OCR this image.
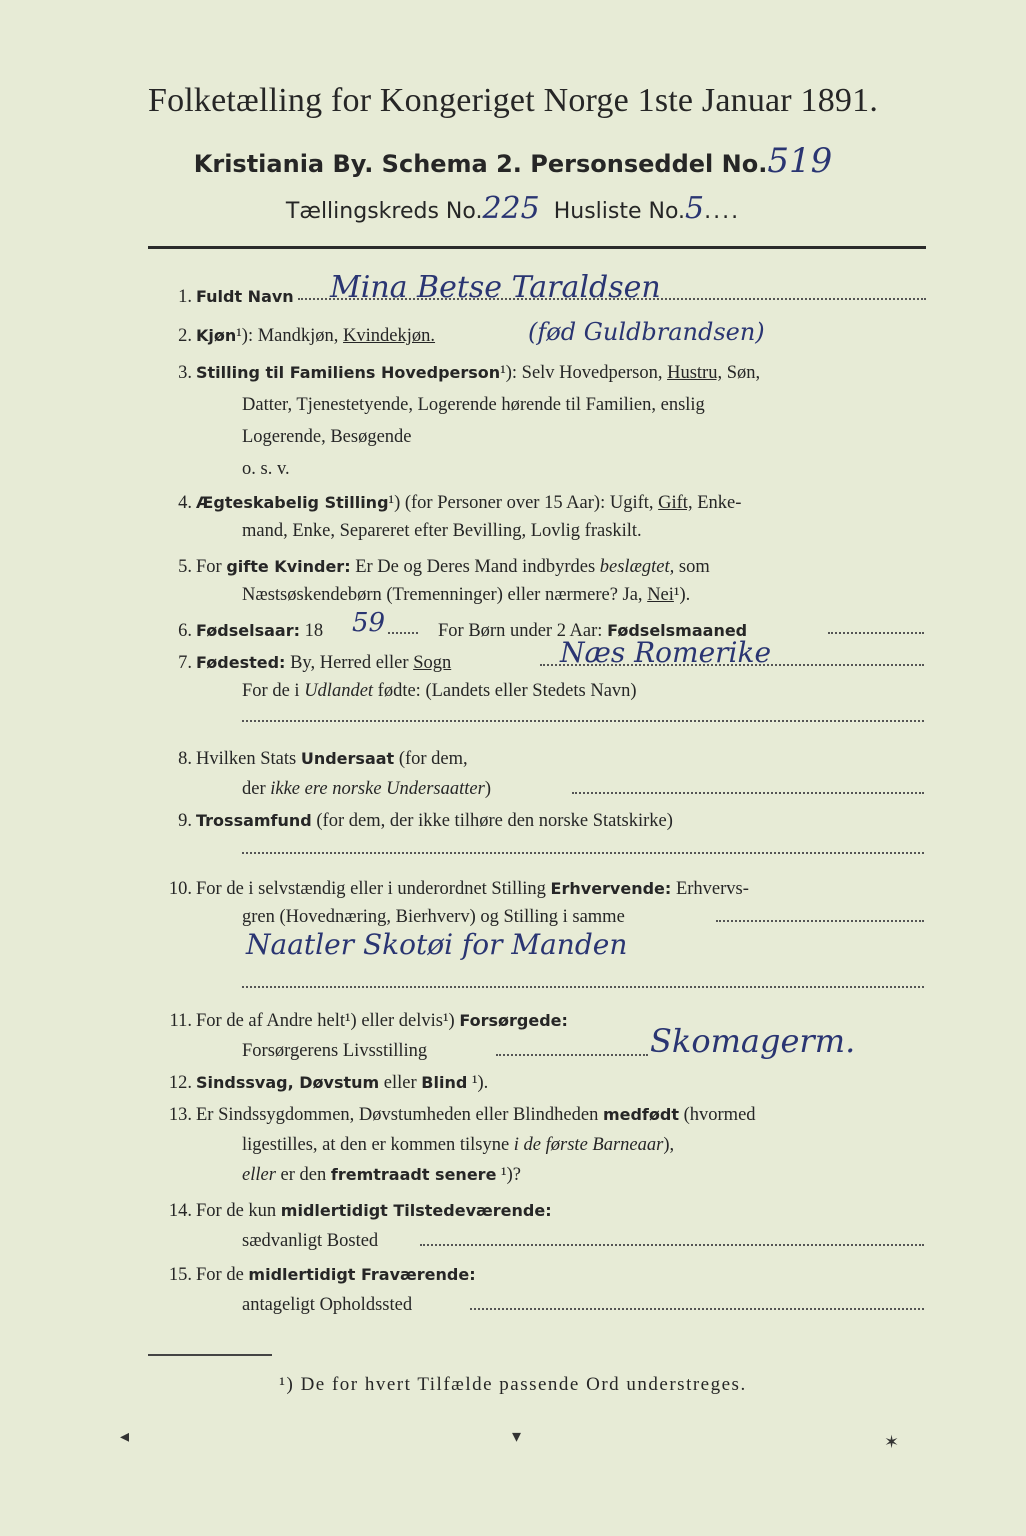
Folketælling for Kongeriget Norge 1ste Januar 1891.
Kristiania By. Schema 2. Personseddel No.519
Tællingskreds No.225 Husliste No.5....
1. Fuldt Navn Mina Betse Taraldsen
2. Kjøn¹): Mandkjøn, Kvindekjøn.	(fød Guldbrandsen)
3. Stilling til Familiens Hovedperson¹): Selv Hovedperson, Hustru, Søn,
Datter, Tjenestetyende, Logerende hørende til Familien, enslig
Logerende, Besøgende
o. s. v.
4. Ægteskabelig Stilling¹) (for Personer over 15 Aar): Ugift, Gift, Enke-
mand, Enke, Separeret efter Bevilling, Lovlig fraskilt.
5. For gifte Kvinder: Er De og Deres Mand indbyrdes beslægtet, som
Næstsøskendebørn (Tremenninger) eller nærmere? Ja, Nei¹).
6. Fødselsaar: 18	For Børn under 2 Aar: Fødselsmaaned
59
7. Fødested: By, Herred eller Sogn	Næs Romerike
For de i Udlandet fødte: (Landets eller Stedets Navn)
8. Hvilken Stats Undersaat (for dem,
der ikke ere norske Undersaatter)
9. Trossamfund (for dem, der ikke tilhøre den norske Statskirke)
10. For de i selvstændig eller i underordnet Stilling Erhvervende: Erhvervs-
gren (Hovednæring, Bierhverv) og Stilling i samme
Naatler Skotøi for Manden
11. For de af Andre helt¹) eller delvis¹) Forsørgede:
Forsørgerens Livsstilling	Skomagerm.
12. Sindssvag, Døvstum eller Blind ¹).
13. Er Sindssygdommen, Døvstumheden eller Blindheden medfødt (hvormed
ligestilles, at den er kommen tilsyne i de første Barneaar),
eller er den fremtraadt senere ¹)?
14. For de kun midlertidigt Tilstedeværende:
sædvanligt Bosted
15. For de midlertidigt Fraværende:
antageligt Opholdssted
¹) De for hvert Tilfælde passende Ord understreges.
◂	▾	✶
